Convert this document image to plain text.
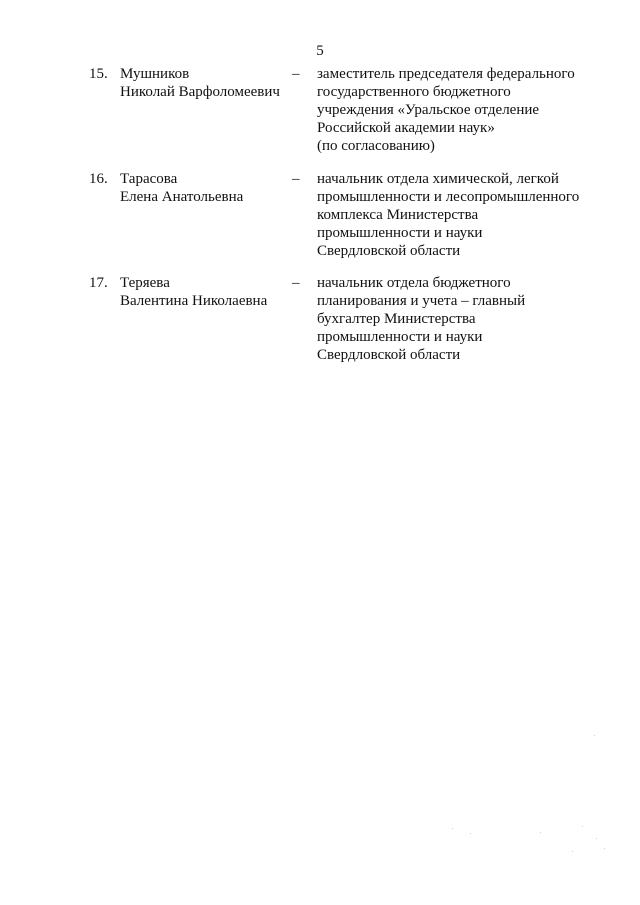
5
15. Мушников
Николай Варфоломеевич
– заместитель председателя федерального
государственного бюджетного
учреждения «Уральское отделение
Российской академии наук»
(по согласованию)
16. Тарасова
Елена Анатольевна
– начальник отдела химической, легкой
промышленности и лесопромышленного
комплекса Министерства
промышленности и науки
Свердловской области
17. Теряева
Валентина Николаевна
– начальник отдела бюджетного
планирования и учета – главный
бухгалтер Министерства
промышленности и науки
Свердловской области
